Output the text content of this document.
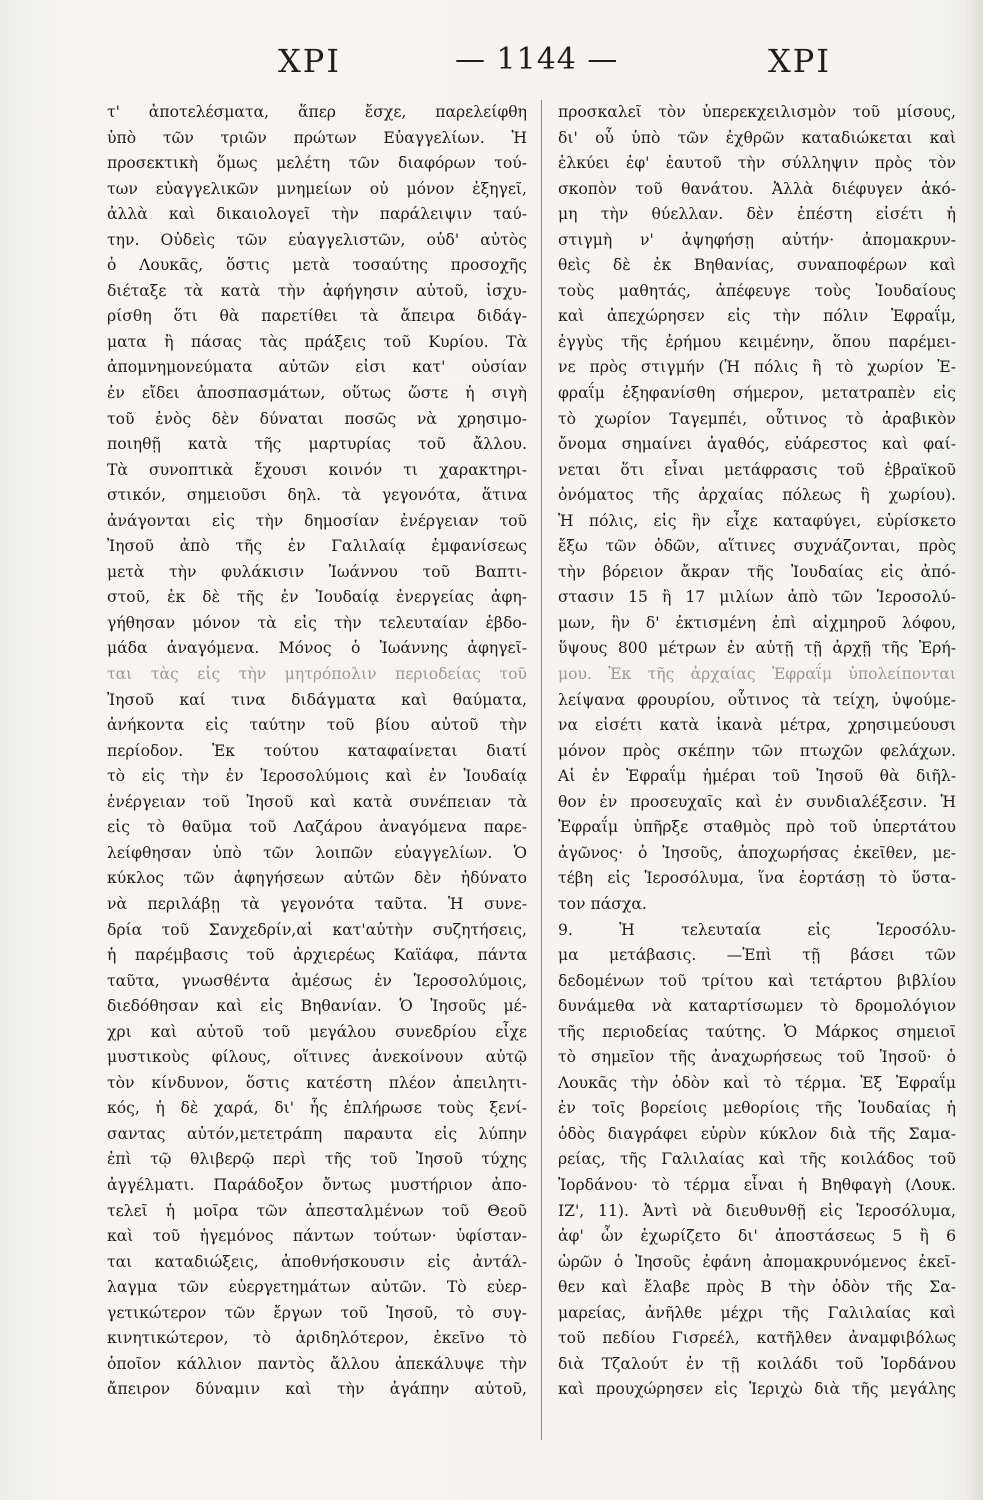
ΧΡΙ	— 1144 —	ΧΡΙ
τ' ἀποτελέσματα, ἅπερ ἔσχε, παρελείφθη
ὑπὸ τῶν τριῶν πρώτων Εὐαγγελίων. Ἡ
προσεκτικὴ ὅμως μελέτη τῶν διαφόρων τού-
των εὐαγγελικῶν μνημείων οὐ μόνον ἐξηγεῖ,
ἀλλὰ καὶ δικαιολογεῖ τὴν παράλειψιν ταύ-
την. Οὐδεὶς τῶν εὐαγγελιστῶν, οὐδ' αὐτὸς
ὁ Λουκᾶς, ὅστις μετὰ τοσαύτης προσοχῆς
διέταξε τὰ κατὰ τὴν ἀφήγησιν αὐτοῦ, ἰσχυ-
ρίσθη ὅτι θὰ παρετίθει τὰ ἄπειρα διδάγ-
ματα ἢ πάσας τὰς πράξεις τοῦ Κυρίου. Τὰ
ἀπομνημονεύματα αὐτῶν εἰσι κατ' οὐσίαν
ἐν εἴδει ἀποσπασμάτων, οὕτως ὥστε ἡ σιγὴ
τοῦ ἑνὸς δὲν δύναται ποσῶς νὰ χρησιμο-
ποιηθῇ κατὰ τῆς μαρτυρίας τοῦ ἄλλου.
Τὰ συνοπτικὰ ἔχουσι κοινόν τι χαρακτηρι-
στικόν, σημειοῦσι δηλ. τὰ γεγονότα, ἅτινα
ἀνάγονται εἰς τὴν δημοσίαν ἐνέργειαν τοῦ
Ἰησοῦ ἀπὸ τῆς ἐν Γαλιλαίᾳ ἐμφανίσεως
μετὰ τὴν φυλάκισιν Ἰωάννου τοῦ Βαπτι-
στοῦ, ἐκ δὲ τῆς ἐν Ἰουδαίᾳ ἐνεργείας ἀφη-
γήθησαν μόνον τὰ εἰς τὴν τελευταίαν ἑβδο-
μάδα ἀναγόμενα. Μόνος ὁ Ἰωάννης ἀφηγεῖ-
ται τὰς εἰς τὴν μητρόπολιν περιοδείας τοῦ
Ἰησοῦ καί τινα διδάγματα καὶ θαύματα,
ἀνήκοντα εἰς ταύτην τοῦ βίου αὐτοῦ τὴν
περίοδον. Ἐκ τούτου καταφαίνεται διατί
τὸ εἰς τὴν ἐν Ἱεροσολύμοις καὶ ἐν Ἰουδαίᾳ
ἐνέργειαν τοῦ Ἰησοῦ καὶ κατὰ συνέπειαν τὰ
εἰς τὸ θαῦμα τοῦ Λαζάρου ἀναγόμενα παρε-
λείφθησαν ὑπὸ τῶν λοιπῶν εὐαγγελίων. Ὁ
κύκλος τῶν ἀφηγήσεων αὐτῶν δὲν ἠδύνατο
νὰ περιλάβῃ τὰ γεγονότα ταῦτα. Ἡ συνε-
δρία τοῦ Σανχεδρίν,αἱ κατ'αὐτὴν συζητήσεις,
ἡ παρέμβασις τοῦ ἀρχιερέως Καϊάφα, πάντα
ταῦτα, γνωσθέντα ἀμέσως ἐν Ἱεροσολύμοις,
διεδόθησαν καὶ εἰς Βηθανίαν. Ὁ Ἰησοῦς μέ-
χρι καὶ αὐτοῦ τοῦ μεγάλου συνεδρίου εἶχε
μυστικοὺς φίλους, οἵτινες ἀνεκοίνουν αὐτῷ
τὸν κίνδυνον, ὅστις κατέστη πλέον ἀπειλητι-
κός, ἡ δὲ χαρά, δι' ἧς ἐπλήρωσε τοὺς ξενί-
σαντας αὐτόν,μετετράπη παραυτα εἰς λύπην
ἐπὶ τῷ θλιβερῷ περὶ τῆς τοῦ Ἰησοῦ τύχης
ἀγγέλματι. Παράδοξον ὄντως μυστήριον ἀπο-
τελεῖ ἡ μοῖρα τῶν ἀπεσταλμένων τοῦ Θεοῦ
καὶ τοῦ ἡγεμόνος πάντων τούτων· ὑφίσταν-
ται καταδιώξεις, ἀποθνήσκουσιν εἰς ἀντάλ-
λαγμα τῶν εὐεργετημάτων αὐτῶν. Τὸ εὐερ-
γετικώτερον τῶν ἔργων τοῦ Ἰησοῦ, τὸ συγ-
κινητικώτερον, τὸ ἀριδηλότερον, ἐκεῖνο τὸ
ὁποῖον κάλλιον παντὸς ἄλλου ἀπεκάλυψε τὴν
ἄπειρον δύναμιν καὶ τὴν ἀγάπην αὐτοῦ,
προσκαλεῖ τὸν ὑπερεκχειλισμὸν τοῦ μίσους,
δι' οὗ ὑπὸ τῶν ἐχθρῶν καταδιώκεται καὶ
ἑλκύει ἐφ' ἑαυτοῦ τὴν σύλληψιν πρὸς τὸν
σκοπὸν τοῦ θανάτου. Ἀλλὰ διέφυγεν ἀκό-
μη τὴν θύελλαν. δὲν ἐπέστη εἰσέτι ἡ
στιγμὴ ν' ἀψηφήσῃ αὐτήν· ἀπομακρυν-
θεὶς δὲ ἐκ Βηθανίας, συναποφέρων καὶ
τοὺς μαθητάς, ἀπέφευγε τοὺς Ἰουδαίους
καὶ ἀπεχώρησεν εἰς τὴν πόλιν Ἐφραΐμ,
ἐγγὺς τῆς ἐρήμου κειμένην, ὅπου παρέμει-
νε πρὸς στιγμήν (Ἡ πόλις ἢ τὸ χωρίον Ἐ-
φραΐμ ἐξηφανίσθη σήμερον, μετατραπὲν εἰς
τὸ χωρίον Ταγεμπέι, οὗτινος τὸ ἀραβικὸν
ὄνομα σημαίνει ἀγαθός, εὐάρεστος καὶ φαί-
νεται ὅτι εἶναι μετάφρασις τοῦ ἑβραϊκοῦ
ὀνόματος τῆς ἀρχαίας πόλεως ἢ χωρίου).
Ἡ πόλις, εἰς ἣν εἶχε καταφύγει, εὑρίσκετο
ἔξω τῶν ὁδῶν, αἵτινες συχνάζονται, πρὸς
τὴν βόρειον ἄκραν τῆς Ἰουδαίας εἰς ἀπό-
στασιν 15 ἢ 17 μιλίων ἀπὸ τῶν Ἱεροσολύ-
μων, ἣν δ' ἐκτισμένη ἐπὶ αἰχμηροῦ λόφου,
ὕψους 800 μέτρων ἐν αὐτῇ τῇ ἀρχῇ τῆς Ἐρή-
μου. Ἐκ τῆς ἀρχαίας Ἐφραΐμ ὑπολείπονται
λείψανα φρουρίου, οὗτινος τὰ τείχη, ὑψούμε-
να εἰσέτι κατὰ ἱκανὰ μέτρα, χρησιμεύουσι
μόνον πρὸς σκέπην τῶν πτωχῶν φελάχων.
Αἱ ἐν Ἐφραΐμ ἡμέραι τοῦ Ἰησοῦ θὰ διῆλ-
θον ἐν προσευχαῖς καὶ ἐν συνδιαλέξεσιν. Ἡ
Ἐφραΐμ ὑπῆρξε σταθμὸς πρὸ τοῦ ὑπερτάτου
ἀγῶνος· ὁ Ἰησοῦς, ἀποχωρήσας ἐκεῖθεν, με-
τέβη εἰς Ἱεροσόλυμα, ἵνα ἑορτάσῃ τὸ ὕστα-
τον πάσχα.
9. Ἡ τελευταία εἰς Ἱεροσόλυ-
μα μετάβασις. —Ἐπὶ τῇ βάσει τῶν
δεδομένων τοῦ τρίτου καὶ τετάρτου βιβλίου
δυνάμεθα νὰ καταρτίσωμεν τὸ δρομολόγιον
τῆς περιοδείας ταύτης. Ὁ Μάρκος σημειοῖ
τὸ σημεῖον τῆς ἀναχωρήσεως τοῦ Ἰησοῦ· ὁ
Λουκᾶς τὴν ὁδὸν καὶ τὸ τέρμα. Ἐξ Ἐφραΐμ
ἐν τοῖς βορείοις μεθορίοις τῆς Ἰουδαίας ἡ
ὁδὸς διαγράφει εὐρὺν κύκλον διὰ τῆς Σαμα-
ρείας, τῆς Γαλιλαίας καὶ τῆς κοιλάδος τοῦ
Ἰορδάνου· τὸ τέρμα εἶναι ἡ Βηθφαγὴ (Λουκ.
ΙΖ', 11). Ἀντὶ νὰ διευθυνθῇ εἰς Ἱεροσόλυμα,
ἀφ' ὧν ἐχωρίζετο δι' ἀποστάσεως 5 ἢ 6
ὡρῶν ὁ Ἰησοῦς ἐφάνη ἀπομακρυνόμενος ἐκεῖ-
θεν καὶ ἔλαβε πρὸς Β τὴν ὁδὸν τῆς Σα-
μαρείας, ἀνῆλθε μέχρι τῆς Γαλιλαίας καὶ
τοῦ πεδίου Γισρεέλ, κατῆλθεν ἀναμφιβόλως
διὰ Τζαλούτ ἐν τῇ κοιλάδι τοῦ Ἰορδάνου
καὶ προυχώρησεν εἰς Ἱεριχὼ διὰ τῆς μεγάλης
